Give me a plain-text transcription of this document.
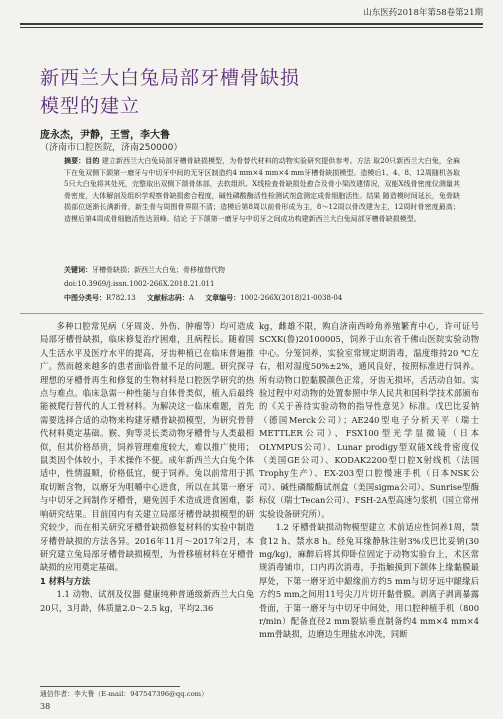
山东医药2018年第58卷第21期
新西兰大白兔局部牙槽骨缺损
模型的建立
庞永杰，尹静，王雪，李大鲁
（济南市口腔医院，济南250000）
摘要：目的 建立新西兰大白兔局部牙槽骨缺损模型，为骨替代材料的动物实验研究提供参考。方法 取20只新西兰大白兔，全麻下在兔双侧下颌第一磨牙与中切牙中间的无牙区制造约4 mm×4 mm×4 mm牙槽骨缺损模型。造模后1、4、8、12周随机各取5只大白兔将其处死，完整取出双侧下颌骨体部，去软组织。X线检查骨缺损处愈合及骨小梁改建情况，双能X线骨密度仪测量其骨密度，大体解剖及组织学观察骨缺损愈合程度，碱性磷酸酶活性检测试剂盒测定成骨细胞活性。结果 随造模时间延长，兔骨缺损部位逐渐长满新骨，新生骨与周围骨界限不清；造模后第8周以前骨形成为主，8～12周以骨改建为主，12周时骨密度最高；造模后第4周成骨细胞活性达顶峰。结论 于下颌第一磨牙与中切牙之间成功构建新西兰大白兔局部牙槽骨缺损模型。
关键词：牙槽骨缺损；新西兰大白兔；骨移植替代物
doi:10.3969/j.issn.1002-266X.2018.21.011
中图分类号：R782.13 文献标志码：A 文章编号：1002-266X(2018)21-0038-04

多种口腔常见病（牙周炎、外伤、肿瘤等）均可造成局部牙槽骨缺损，临床修复治疗困难，且病程长。随着国人生活水平及医疗水平的提高，牙齿种植已在临床普遍推广。然而越来越多的患者面临骨量不足的问题。研究探寻理想的牙槽骨再生和修复的生物材料是口腔医学研究的热点与难点。临床急需一种性能与自体骨类似，植入后最终能被爬行替代的人工骨材料。为解决这一临床难题，首先需要选择合适的动物来构建牙槽骨缺损模型，为研究骨替代材料奠定基础。猴、狗等灵长类动物牙槽骨与人类最相似，但其价格昂贵，饲养管理难度较大，难以推广使用；鼠类因个体较小，手术操作不便。成年新西兰大白兔个体适中，性情温顺，价格低宜，便于饲养。兔以前常用于抓取切断含物，以磨牙为咀嚼中心进食，所以在其第一磨牙与中切牙之间制作牙槽骨，避免因手术造成进食困难，影响研究结果。目前国内有关建立局部牙槽骨缺损模型的研究较少，而在相关研究牙槽骨缺损修复材料的实验中制造牙槽骨缺损的方法各异。2016年11月～2017年2月，本研究建立兔局部牙槽骨缺损模型，为骨移植材料在牙槽骨缺损的应用奠定基础。

1 材料与方法

1.1 动物、试剂及仪器 健康纯种普通级新西兰大白兔20只，3月龄，体质量2.0～2.5 kg，平均2.36

kg，雌雄不限，购自济南西岭角养殖繁育中心，许可证号SCXK(鲁)20100005，饲养于山东省千佛山医院实验动物中心。分笼饲养，实验室常规定期消毒，温度维持20 ℃左右，相对湿度50%±2%，通风良好，按照标准进行饲养。所有动物口腔黏膜颜色正常，牙齿无损坏，舌活动自如。实验过程中对动物的处置参照中华人民共和国科学技术部颁布的《关于善待实验动物的指导性意见》标准。戊巴比妥钠（德国Merck公司）；AE240型电子分析天平（瑞士METTLER公司）、FSX100型光学显微镜（日本OLYMPUS公司）、Lunar prodigy型双能X线骨密度仪（美国GE公司）、KODAK2200型口腔X射线机（法国Trophy生产）、EX-203型口腔慢速手机（日本NSK公司）、碱性磷酸酶试剂盒（美国sigma公司）、Sunrise型酶标仪（瑞士Tecan公司）、FSH-2A型高速匀浆机（国立常州实验设备研究所）。

1.2 牙槽骨缺损动物模型建立 术前适应性饲养1周，禁食12 h、禁水8 h。经兔耳缘静脉注射3%戊巴比妥钠(30 mg/kg)，麻醉后将其仰卧位固定于动物实验台上，术区常规消毒铺巾，口内再次消毒，手指触摸到下颌体上缘黏膜最厚处，下第一磨牙近中龈缘前方约5 mm与切牙远中龈缘后方约5 mm之间用11号尖刀片切开黏骨膜。剥离子剥离暴露骨面，于第一磨牙与中切牙中间处，用口腔种植手机（800 r/min）配备直径2 mm裂钻垂直制备约4 mm×4 mm×4 mm骨缺损，边磨边生理盐水冲洗，同断

通信作者：李大鲁（E-mail：947547396@qq.com）
38
